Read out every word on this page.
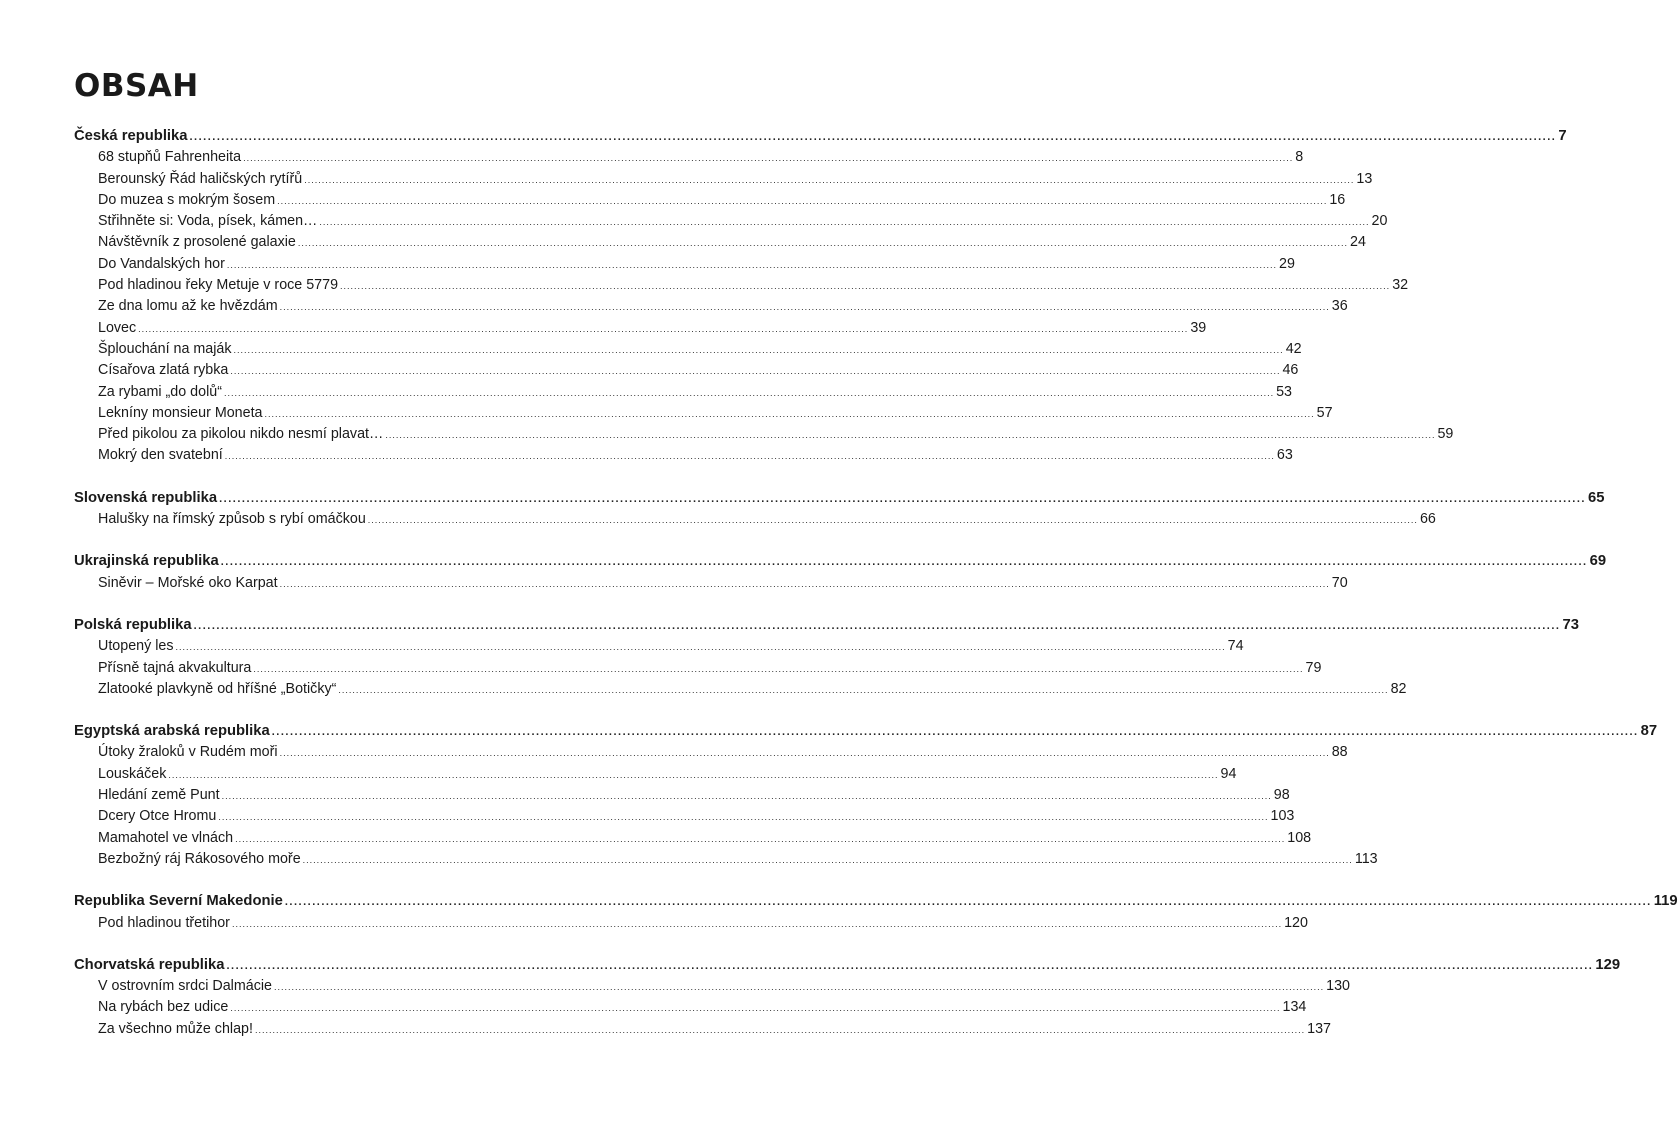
OBSAH
Česká republika ............................................................................................................................................................................................................................................................................................................ 7
68 stupňů Fahrenheita ............................................................................................................................................................................................................................................................................................................ 8
Berounský Řád haličských rytířů ............................................................................................................................................................................................................................................................................................................ 13
Do muzea s mokrým šosem ............................................................................................................................................................................................................................................................................................................ 16
Střihněte si: Voda, písek, kámen… ............................................................................................................................................................................................................................................................................................................ 20
Návštěvník z prosolené galaxie ............................................................................................................................................................................................................................................................................................................ 24
Do Vandalských hor ............................................................................................................................................................................................................................................................................................................ 29
Pod hladinou řeky Metuje v roce 5779 ............................................................................................................................................................................................................................................................................................................ 32
Ze dna lomu až ke hvězdám ............................................................................................................................................................................................................................................................................................................ 36
Lovec ............................................................................................................................................................................................................................................................................................................ 39
Šplouchání na maják ............................................................................................................................................................................................................................................................................................................ 42
Císařova zlatá rybka ............................................................................................................................................................................................................................................................................................................ 46
Za rybami „do dolů“ ............................................................................................................................................................................................................................................................................................................ 53
Lekníny monsieur Moneta ............................................................................................................................................................................................................................................................................................................ 57
Před pikolou za pikolou nikdo nesmí plavat… ............................................................................................................................................................................................................................................................................................................ 59
Mokrý den svatební ............................................................................................................................................................................................................................................................................................................ 63
Slovenská republika ............................................................................................................................................................................................................................................................................................................ 65
Halušky na římský způsob s rybí omáčkou ............................................................................................................................................................................................................................................................................................................ 66
Ukrajinská republika ............................................................................................................................................................................................................................................................................................................ 69
Siněvir – Mořské oko Karpat ............................................................................................................................................................................................................................................................................................................ 70
Polská republika ............................................................................................................................................................................................................................................................................................................ 73
Utopený les ............................................................................................................................................................................................................................................................................................................ 74
Přísně tajná akvakultura ............................................................................................................................................................................................................................................................................................................ 79
Zlatooké plavkyně od hříšné „Botičky“ ............................................................................................................................................................................................................................................................................................................ 82
Egyptská arabská republika ............................................................................................................................................................................................................................................................................................................ 87
Útoky žraloků v Rudém moři ............................................................................................................................................................................................................................................................................................................ 88
Louskáček ............................................................................................................................................................................................................................................................................................................ 94
Hledání země Punt ............................................................................................................................................................................................................................................................................................................ 98
Dcery Otce Hromu ............................................................................................................................................................................................................................................................................................................ 103
Mamahotel ve vlnách ............................................................................................................................................................................................................................................................................................................ 108
Bezbožný ráj Rákosového moře ............................................................................................................................................................................................................................................................................................................ 113
Republika Severní Makedonie ............................................................................................................................................................................................................................................................................................................ 119
Pod hladinou třetihor ............................................................................................................................................................................................................................................................................................................ 120
Chorvatská republika ............................................................................................................................................................................................................................................................................................................ 129
V ostrovním srdci Dalmácie ............................................................................................................................................................................................................................................................................................................ 130
Na rybách bez udice ............................................................................................................................................................................................................................................................................................................ 134
Za všechno může chlap! ............................................................................................................................................................................................................................................................................................................ 137
